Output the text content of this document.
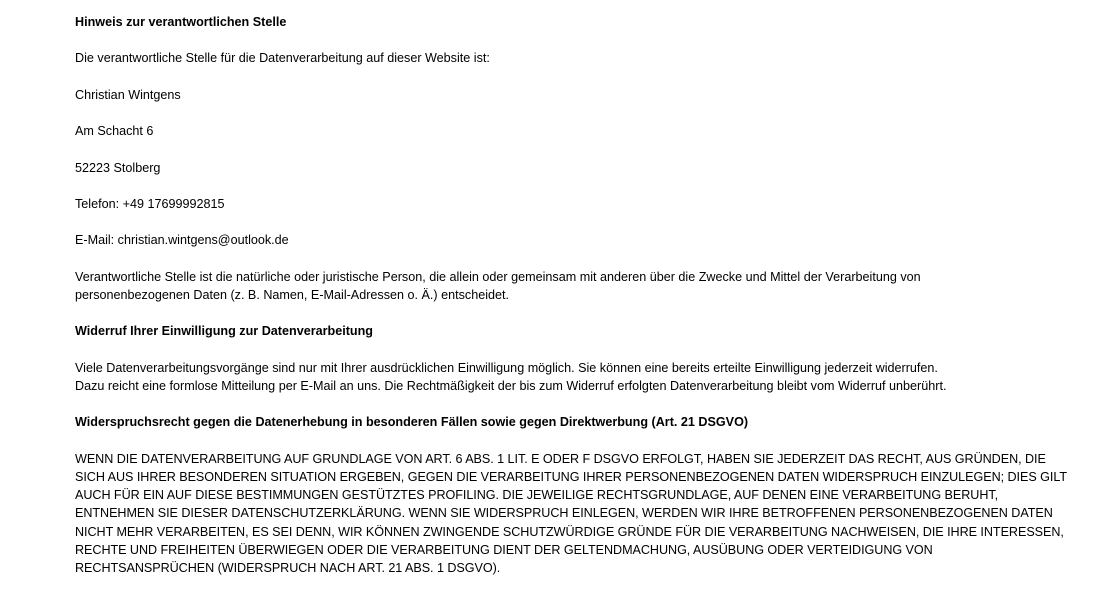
Hinweis zur verantwortlichen Stelle

Die verantwortliche Stelle für die Datenverarbeitung auf dieser Website ist:

Christian Wintgens

Am Schacht 6

52223 Stolberg

Telefon: +49 17699992815

E-Mail: christian.wintgens@outlook.de

Verantwortliche Stelle ist die natürliche oder juristische Person, die allein oder gemeinsam mit anderen über die Zwecke und Mittel der Verarbeitung von
personenbezogenen Daten (z. B. Namen, E-Mail-Adressen o. Ä.) entscheidet.

Widerruf Ihrer Einwilligung zur Datenverarbeitung

Viele Datenverarbeitungsvorgänge sind nur mit Ihrer ausdrücklichen Einwilligung möglich. Sie können eine bereits erteilte Einwilligung jederzeit widerrufen.
Dazu reicht eine formlose Mitteilung per E-Mail an uns. Die Rechtmäßigkeit der bis zum Widerruf erfolgten Datenverarbeitung bleibt vom Widerruf unberührt.

Widerspruchsrecht gegen die Datenerhebung in besonderen Fällen sowie gegen Direktwerbung (Art. 21 DSGVO)

WENN DIE DATENVERARBEITUNG AUF GRUNDLAGE VON ART. 6 ABS. 1 LIT. E ODER F DSGVO ERFOLGT, HABEN SIE JEDERZEIT DAS RECHT, AUS GRÜNDEN, DIE
SICH AUS IHRER BESONDEREN SITUATION ERGEBEN, GEGEN DIE VERARBEITUNG IHRER PERSONENBEZOGENEN DATEN WIDERSPRUCH EINZULEGEN; DIES GILT
AUCH FÜR EIN AUF DIESE BESTIMMUNGEN GESTÜTZTES PROFILING. DIE JEWEILIGE RECHTSGRUNDLAGE, AUF DENEN EINE VERARBEITUNG BERUHT,
ENTNEHMEN SIE DIESER DATENSCHUTZERKLÄRUNG. WENN SIE WIDERSPRUCH EINLEGEN, WERDEN WIR IHRE BETROFFENEN PERSONENBEZOGENEN DATEN
NICHT MEHR VERARBEITEN, ES SEI DENN, WIR KÖNNEN ZWINGENDE SCHUTZWÜRDIGE GRÜNDE FÜR DIE VERARBEITUNG NACHWEISEN, DIE IHRE INTERESSEN,
RECHTE UND FREIHEITEN ÜBERWIEGEN ODER DIE VERARBEITUNG DIENT DER GELTENDMACHUNG, AUSÜBUNG ODER VERTEIDIGUNG VON
RECHTSANSPRÜCHEN (WIDERSPRUCH NACH ART. 21 ABS. 1 DSGVO).
